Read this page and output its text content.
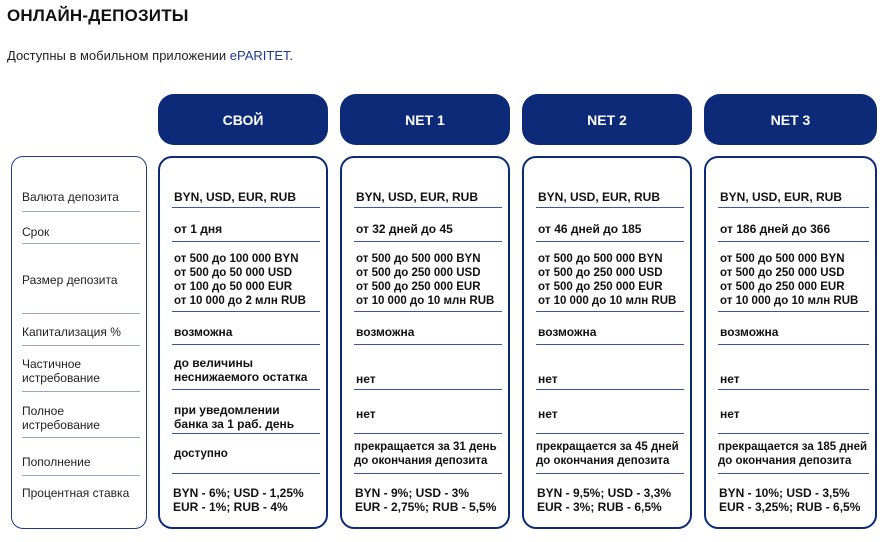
ОНЛАЙН-ДЕПОЗИТЫ
Доступны в мобильном приложении ePARITET.
Валюта депозита
Срок
Размер депозита
Капитализация %
Частичное
истребование
Полное
истребование
Пополнение
Процентная ставка
СВОЙ
BYN, USD, EUR, RUB
от 1 дня
от 500 до 100 000 BYN
от 500 до 50 000 USD
от 100 до 50 000 EUR
от 10 000 до 2 млн RUB
возможна
до величины
неснижаемого остатка
при уведомлении
банка за 1 раб. день
доступно
BYN - 6%; USD - 1,25%
EUR - 1%; RUB - 4%
NET 1
BYN, USD, EUR, RUB
от 32 дней до 45
от 500 до 500 000 BYN
от 500 до 250 000 USD
от 500 до 250 000 EUR
от 10 000 до 10 млн RUB
возможна
нет
нет
прекращается за 31 день
до окончания депозита
BYN - 9%; USD - 3%
EUR - 2,75%; RUB - 5,5%
NET 2
BYN, USD, EUR, RUB
от 46 дней до 185
от 500 до 500 000 BYN
от 500 до 250 000 USD
от 500 до 250 000 EUR
от 10 000 до 10 млн RUB
возможна
нет
нет
прекращается за 45 дней
до окончания депозита
BYN - 9,5%; USD - 3,3%
EUR - 3%; RUB - 6,5%
NET 3
BYN, USD, EUR, RUB
от 186 дней до 366
от 500 до 500 000 BYN
от 500 до 250 000 USD
от 500 до 250 000 EUR
от 10 000 до 10 млн RUB
возможна
нет
нет
прекращается за 185 дней
до окончания депозита
BYN - 10%; USD - 3,5%
EUR - 3,25%; RUB - 6,5%
